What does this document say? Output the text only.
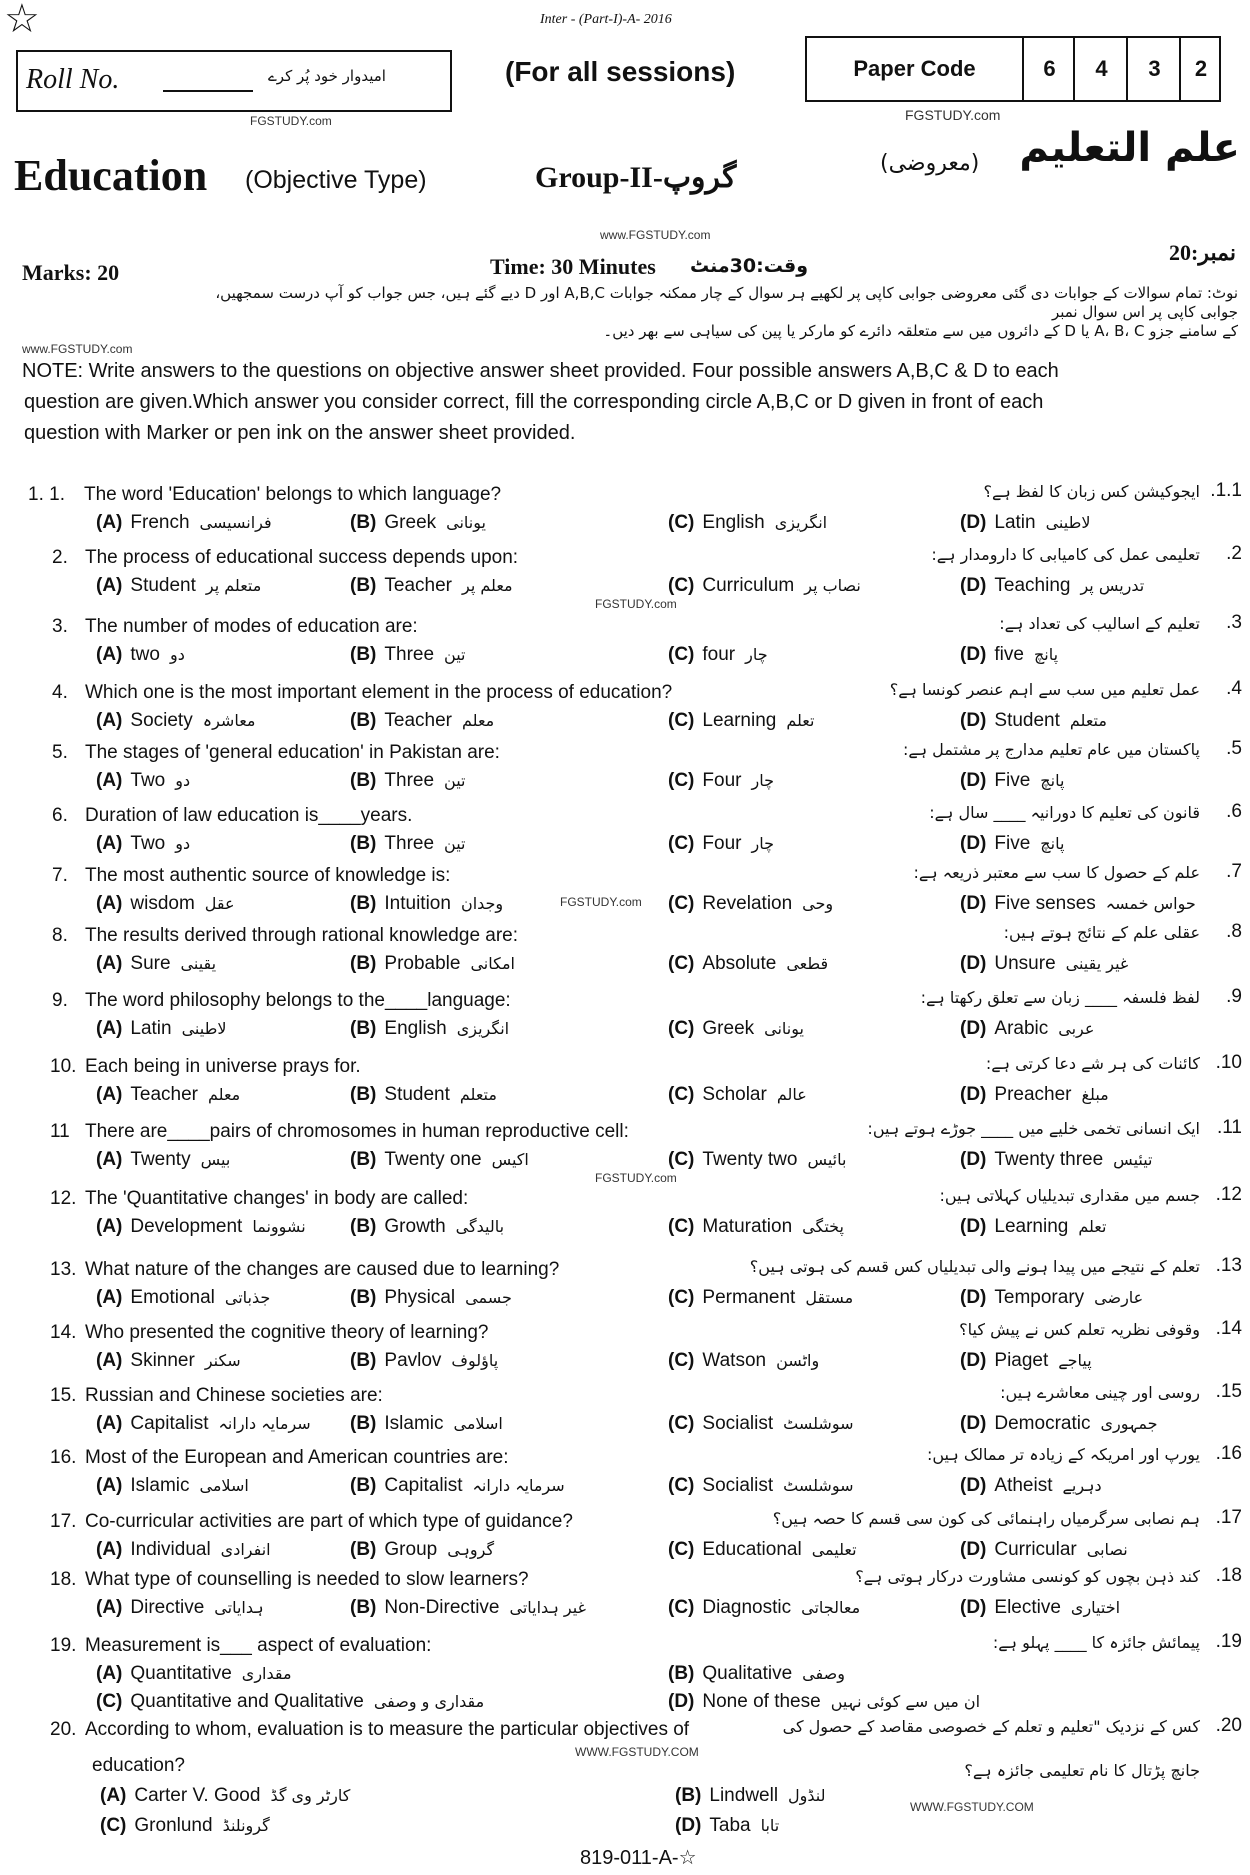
☆	Inter - (Part-I)-A- 2016
Roll No.	امیدوار خود پُر کرے	(For all sessions)	Paper Code	6	4	3	2
Education (Objective Type)	Group-II-گروپ
علم التعلیم
(معروضی)
Marks: 20
نمبر:20
Time: 30 Minutes وقت:30منٹ
نوٹ: تمام سوالات کے جوابات دی گئی معروضی جوابی کاپی پر لکھیے ہر سوال کے چار ممکنہ جوابات A,B,C اور D دیے گئے ہیں، جس جواب کو آپ درست سمجھیں، جوابی کاپی پر اس سوال نمبر
کے سامنے جزو A، B، C یا D کے دائروں میں سے متعلقہ دائرے کو مارکر یا پین کی سیاہی سے بھر دیں۔
NOTE: Write answers to the questions on objective answer sheet provided. Four possible answers A,B,C & D to each
question are given.Which answer you consider correct, fill the corresponding circle A,B,C or D given in front of each
question with Marker or pen ink on the answer sheet provided.
FGSTUDY.com	FGSTUDY.com
www.FGSTUDY.com
www.FGSTUDY.com
FGSTUDY.com
FGSTUDY.com
FGSTUDY.com
WWW.FGSTUDY.COM
WWW.FGSTUDY.COM
1. 1. The word 'Education' belongs to which language?	.1.1
ایجوکیشن کس زبان کا لفظ ہے؟
(A) French فرانسیسی	(B) Greek یونانی	(C) English انگریزی	(D) Latin لاطینی
2. The process of educational success depends upon:	.2
تعلیمی عمل کی کامیابی کا دارومدار ہے:
(A) Student متعلم پر	(B) Teacher معلم پر	(C) Curriculum نصاب پر	(D) Teaching تدریس پر
3. The number of modes of education are:	.3
تعلیم کے اسالیب کی تعداد ہے:
(A) two دو	(B) Three تین	(C) four چار	(D) five پانچ
4. Which one is the most important element in the process of education?	.4
عمل تعلیم میں سب سے اہم عنصر کونسا ہے؟
(A) Society معاشرہ	(B) Teacher معلم	(C) Learning تعلم	(D) Student متعلم
5. The stages of 'general education' in Pakistan are:	.5
پاکستان میں عام تعلیم مدارج پر مشتمل ہے:
(A) Two دو	(B) Three تین	(C) Four چار	(D) Five پانچ
6. Duration of law education is____years.	.6
قانون کی تعلیم کا دورانیہ ____ سال ہے:
(A) Two دو	(B) Three تین	(C) Four چار	(D) Five پانچ
7. The most authentic source of knowledge is:	.7
علم کے حصول کا سب سے معتبر ذریعہ ہے:
(A) wisdom عقل	(B) Intuition وجدان	(C) Revelation وحی	(D) Five senses حواس خمسہ
8. The results derived through rational knowledge are:	.8
عقلی علم کے نتائج ہوتے ہیں:
(A) Sure یقینی	(B) Probable امکانی	(C) Absolute قطعی	(D) Unsure غیر یقینی
9. The word philosophy belongs to the____language:	.9
لفظ فلسفہ ____ زبان سے تعلق رکھتا ہے:
(A) Latin لاطینی	(B) English انگریزی	(C) Greek یونانی	(D) Arabic عربی
10. Each being in universe prays for.	.10
کائنات کی ہر شے دعا کرتی ہے:
(A) Teacher معلم	(B) Student متعلم	(C) Scholar عالم	(D) Preacher مبلغ
11 There are____pairs of chromosomes in human reproductive cell:	.11
ایک انسانی تخمی خلیے میں ____ جوڑے ہوتے ہیں:
(A) Twenty بیس	(B) Twenty one اکیس	(C) Twenty two بائیس	(D) Twenty three تیئیس
12. The 'Quantitative changes' in body are called:	.12
جسم میں مقداری تبدیلیاں کہلاتی ہیں:
(A) Development نشوونما (B) Growth بالیدگی	(C) Maturation پختگی	(D) Learning تعلم
13. What nature of the changes are caused due to learning?	.13
تعلم کے نتیجے میں پیدا ہونے والی تبدیلیاں کس قسم کی ہوتی ہیں؟
(A) Emotional جذباتی	(B) Physical جسمی	(C) Permanent مستقل	(D) Temporary عارضی
14. Who presented the cognitive theory of learning?	.14
وقوفی نظریہ تعلم کس نے پیش کیا؟
(A) Skinner سکنر	(B) Pavlov پاؤلوف	(C) Watson واٹسن	(D) Piaget پیاجے
15. Russian and Chinese societies are:	.15
روسی اور چینی معاشرے ہیں:
(A) Capitalist سرمایہ دارانہ (B) Islamic اسلامی	(C) Socialist سوشلسٹ	(D) Democratic جمہوری
16. Most of the European and American countries are:	.16
یورپ اور امریکہ کے زیادہ تر ممالک ہیں:
(A) Islamic اسلامی	(B) Capitalist سرمایہ دارانہ	(C) Socialist سوشلسٹ	(D) Atheist دہریے
17. Co-curricular activities are part of which type of guidance?	.17
ہم نصابی سرگرمیاں راہنمائی کی کون سی قسم کا حصہ ہیں؟
(A) Individual انفرادی	(B) Group گروہی	(C) Educational تعلیمی	(D) Curricular نصابی
18. What type of counselling is needed to slow learners?	.18
کند ذہن بچوں کو کونسی مشاورت درکار ہوتی ہے؟
(A) Directive ہدایاتی	(B) Non-Directive غیر ہدایاتی	(C) Diagnostic معالجاتی	(D) Elective اختیاری
19. Measurement is___ aspect of evaluation:	.19
پیمائش جائزہ کا ____ پہلو ہے:
(A) Quantitative مقداری	(B) Qualitative وصفی
(C) Quantitative and Qualitative مقداری و وصفی	(D) None of these ان میں سے کوئی نہیں
20. According to whom, evaluation is to measure the particular objectives of	.20
کس کے نزدیک "تعلیم و تعلم کے خصوصی مقاصد کے حصول کی
جانچ پڑتال کا نام تعلیمی جائزہ ہے؟
education?
(A) Carter V. Good کارٹر وی گڈ	(B) Lindwell لنڈول
(C) Gronlund گرونلنڈ	(D) Taba تابا
819-011-A-☆
